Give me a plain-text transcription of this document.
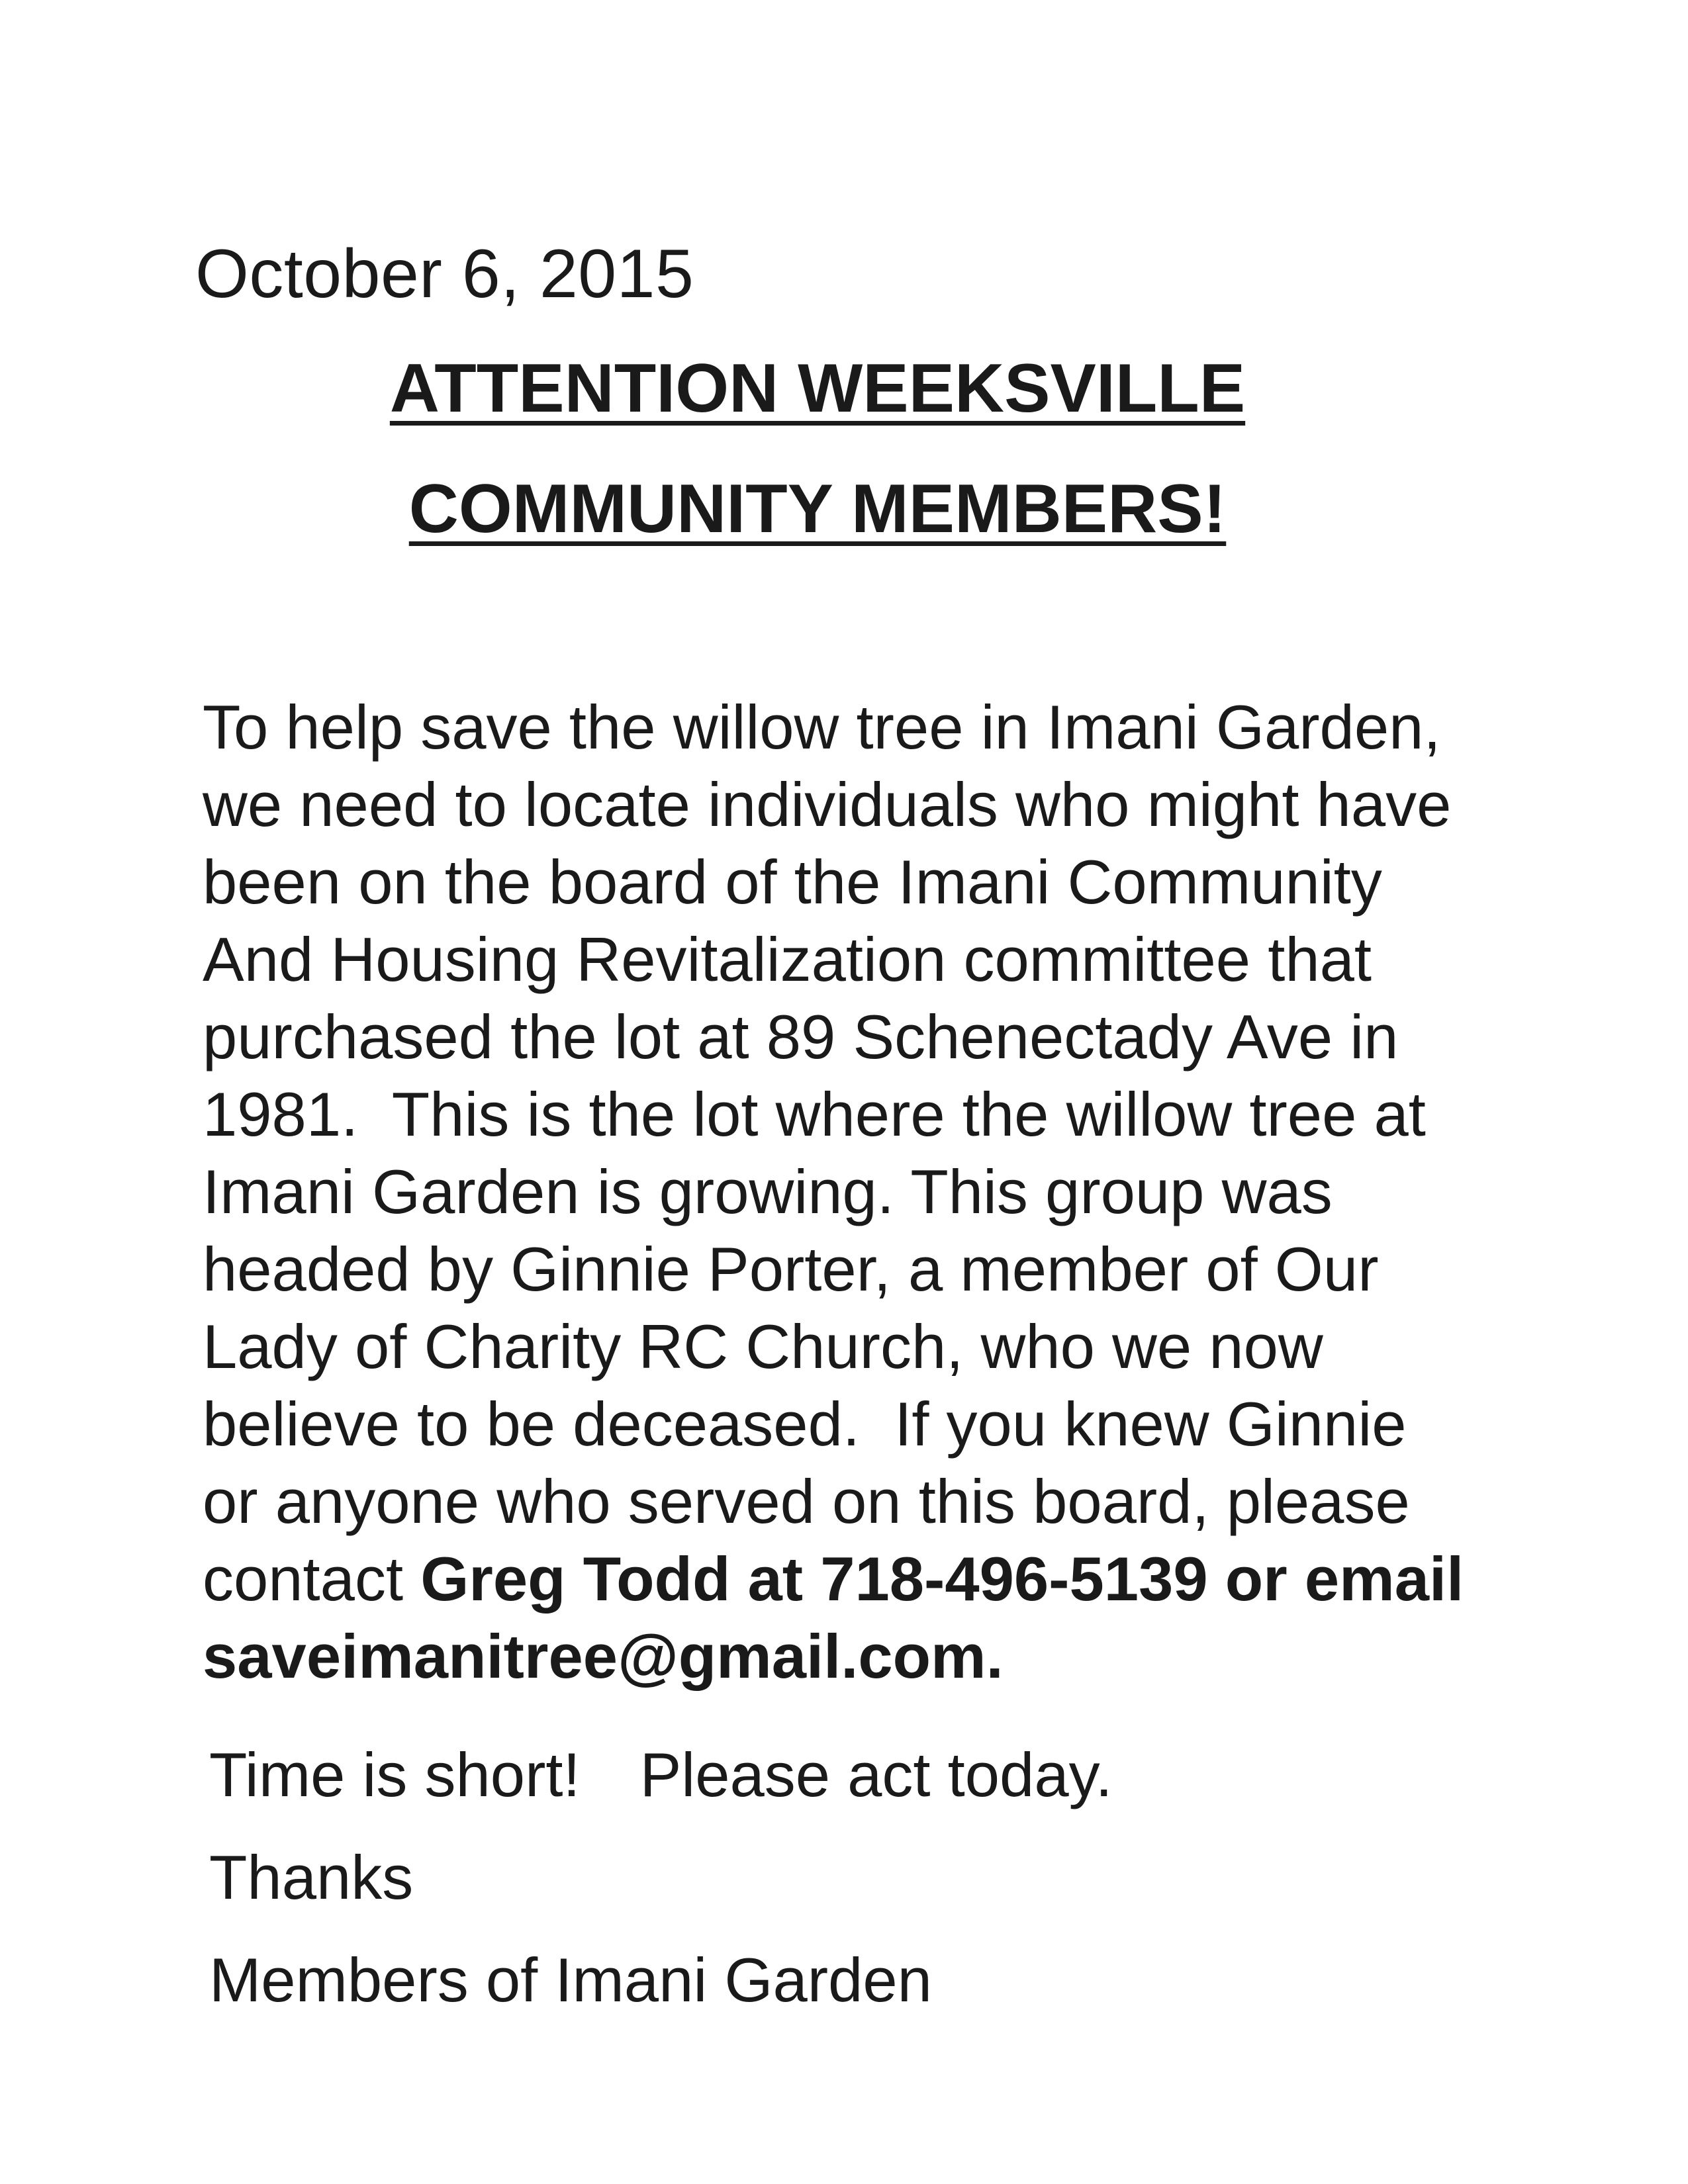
October 6, 2015
ATTENTION WEEKSVILLE
COMMUNITY MEMBERS!
To help save the willow tree in Imani Garden,
we need to locate individuals who might have
been on the board of the Imani Community
And Housing Revitalization committee that
purchased the lot at 89 Schenectady Ave in
1981.  This is the lot where the willow tree at
Imani Garden is growing. This group was
headed by Ginnie Porter, a member of Our
Lady of Charity RC Church, who we now
believe to be deceased.  If you knew Ginnie
or anyone who served on this board, please
contact Greg Todd at 718-496-5139 or email
saveimanitree@gmail.com.
Time is short! Please act today.
Thanks
Members of Imani Garden
